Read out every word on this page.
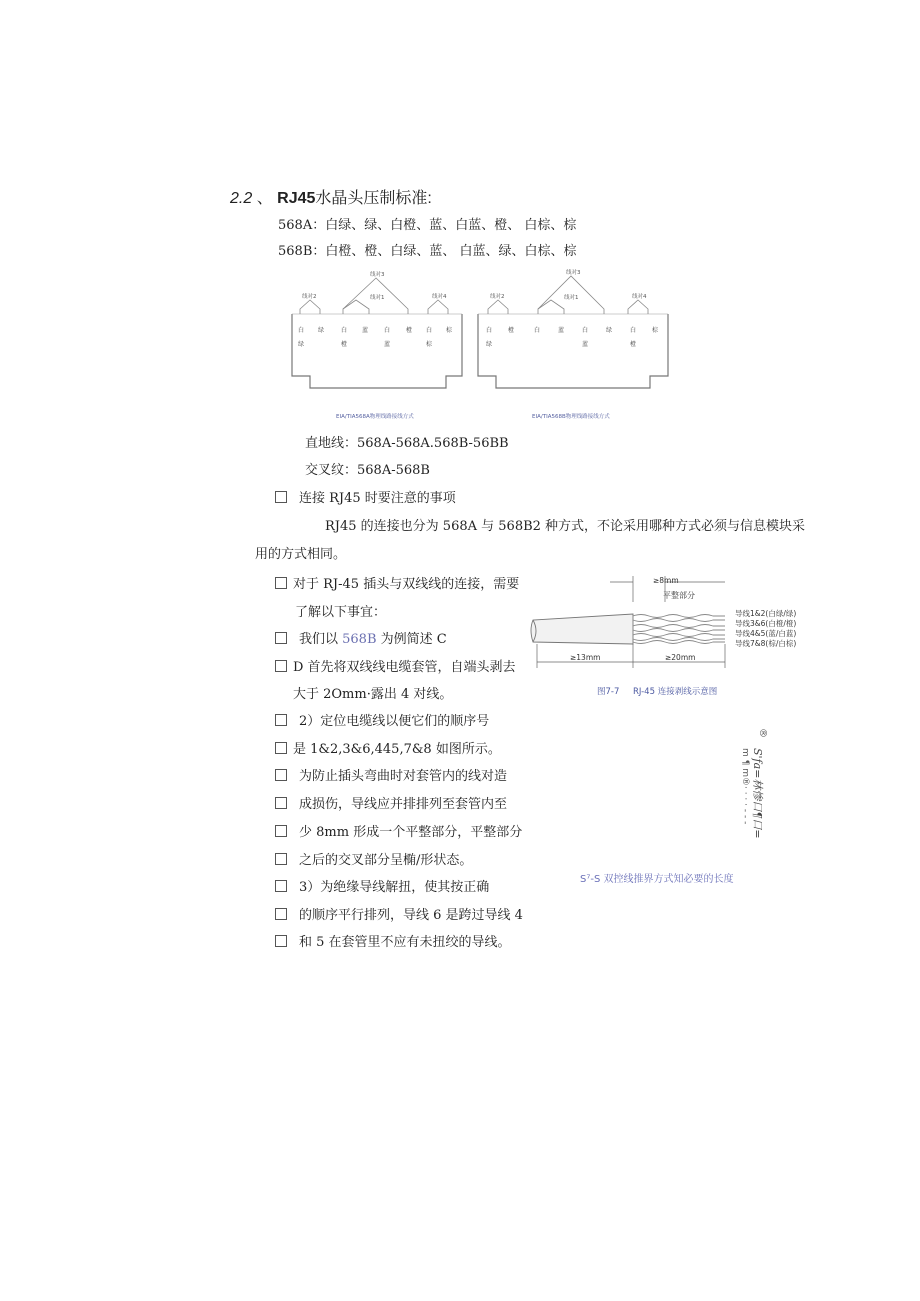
2.2 、 RJ45水晶头压制标准:
568A：白绿、绿、白橙、蓝、白蓝、橙、 白棕、棕
568B：白橙、橙、白绿、蓝、 白蓝、绿、白棕、棕
线对2
线对3
线对1	线对4
白 绿	白 蓝	白	橙 白 棕
绿	橙	蓝	棕
EIA/TIA568A物理线路接线方式
线对2
线对3
线对1	线对4
白	橙	白	蓝	白	绿	白	棕
绿	蓝	橙
EIA/TIA568B物理线路接线方式
直地线：568A-568A.568B-56BB
交叉纹：568A-568B
连接 RJ45 时要注意的事项
RJ45 的连接也分为 568A 与 568B2 种方式，不论采用哪种方式必须与信息模块采
用的方式相同。
对于 RJ-45 插头与双线线的连接，需要
了解以下事宜：
我们以 568B 为例简述 C
D 首先将双线线电缆套管，自端头剥去
大于 2Omm·露出 4 对线。
2）定位电缆线以便它们的顺序号
是 1&2,3&6,445,7&8 如图所示。
为防止插头弯曲时对套管内的线对造
成损伤，导线应并排排列至套管内至
少 8mm 形成一个平整部分，平整部分
之后的交叉部分呈椭/形状态。
3）为绝缘导线解扭，使其按正确
的顺序平行排列，导线 6 是跨过导线 4
和 5 在套管里不应有未扭绞的导线。
≥8mm
平整部分
导线1&2(白绿/绿)
导线3&6(白橙/橙)
导线4&5(蓝/白蓝)
导线7&8(棕/白棕)
≥13mm	≥20mm
图7-7 RJ-45 连接剥线示意图
®
S'fa=林惨口¶口=
m ¶ m®· · · · - - -
S⁷-S 双控线推界方式知必要的长度
